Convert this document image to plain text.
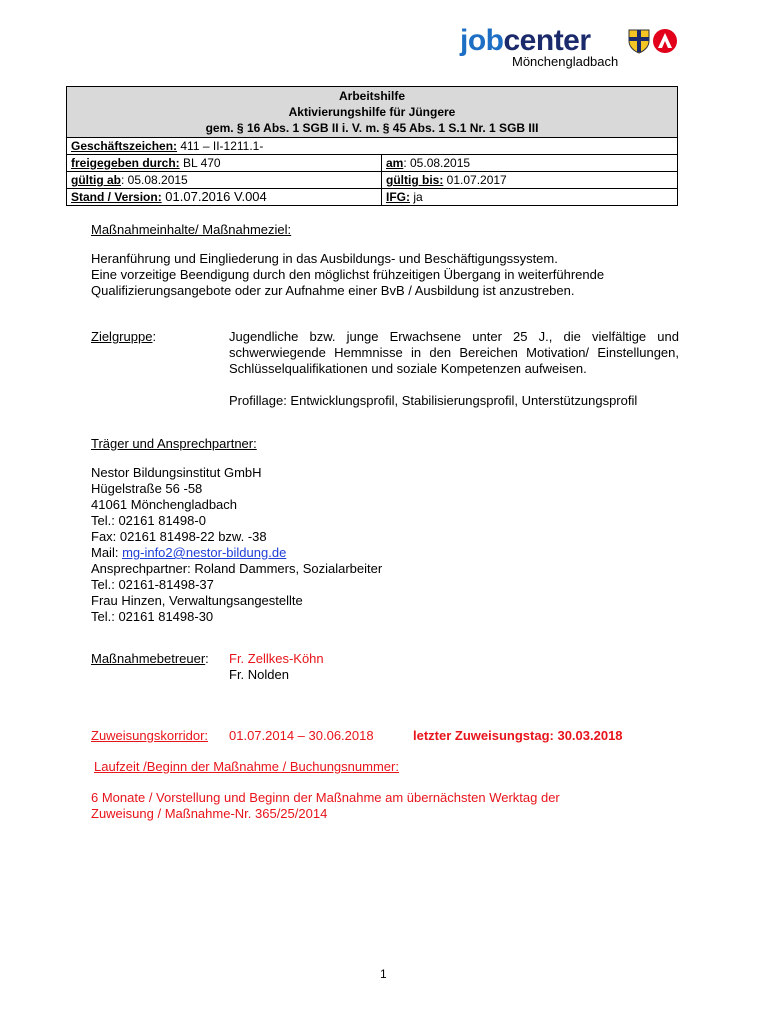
jobcenter
Mönchengladbach
Arbeitshilfe
Aktivierungshilfe für Jüngere
gem. § 16 Abs. 1 SGB II i. V. m. § 45 Abs. 1 S.1 Nr. 1 SGB III	

Geschäftszeichen: 411 – II-1211.1-	
freigegeben durch: BL 470	am: 05.08.2015
gültig ab: 05.08.2015	gültig bis: 01.07.2017
Stand / Version: 01.07.2016 V.004	IFG: ja
Maßnahmeinhalte/ Maßnahmeziel:
Heranführung und Eingliederung in das Ausbildungs- und Beschäftigungssystem.
Eine vorzeitige Beendigung durch den möglichst frühzeitigen Übergang in weiterführende
Qualifizierungsangebote oder zur Aufnahme einer BvB / Ausbildung ist anzustreben.
Zielgruppe:	Jugendliche bzw. junge Erwachsene unter 25 J., die vielfältige und schwerwiegende Hemmnisse in den Bereichen Motivation/ Einstellungen, Schlüsselqualifikationen und soziale Kompetenzen aufweisen.
Profillage: Entwicklungsprofil, Stabilisierungsprofil, Unterstützungsprofil
Träger und Ansprechpartner:
Nestor Bildungsinstitut GmbH
Hügelstraße 56 -58
41061 Mönchengladbach
Tel.: 02161 81498-0
Fax: 02161 81498-22 bzw. -38
Mail: mg-info2@nestor-bildung.de
Ansprechpartner: Roland Dammers, Sozialarbeiter
Tel.: 02161-81498-37
Frau Hinzen, Verwaltungsangestellte
Tel.: 02161 81498-30
Maßnahmebetreuer: Fr. Zellkes-Köhn
Fr. Nolden
Zuweisungskorridor: 01.07.2014 – 30.06.2018	letzter Zuweisungstag: 30.03.2018
Laufzeit /Beginn der Maßnahme / Buchungsnummer:
6 Monate / Vorstellung und Beginn der Maßnahme am übernächsten Werktag der
Zuweisung / Maßnahme-Nr. 365/25/2014
1
